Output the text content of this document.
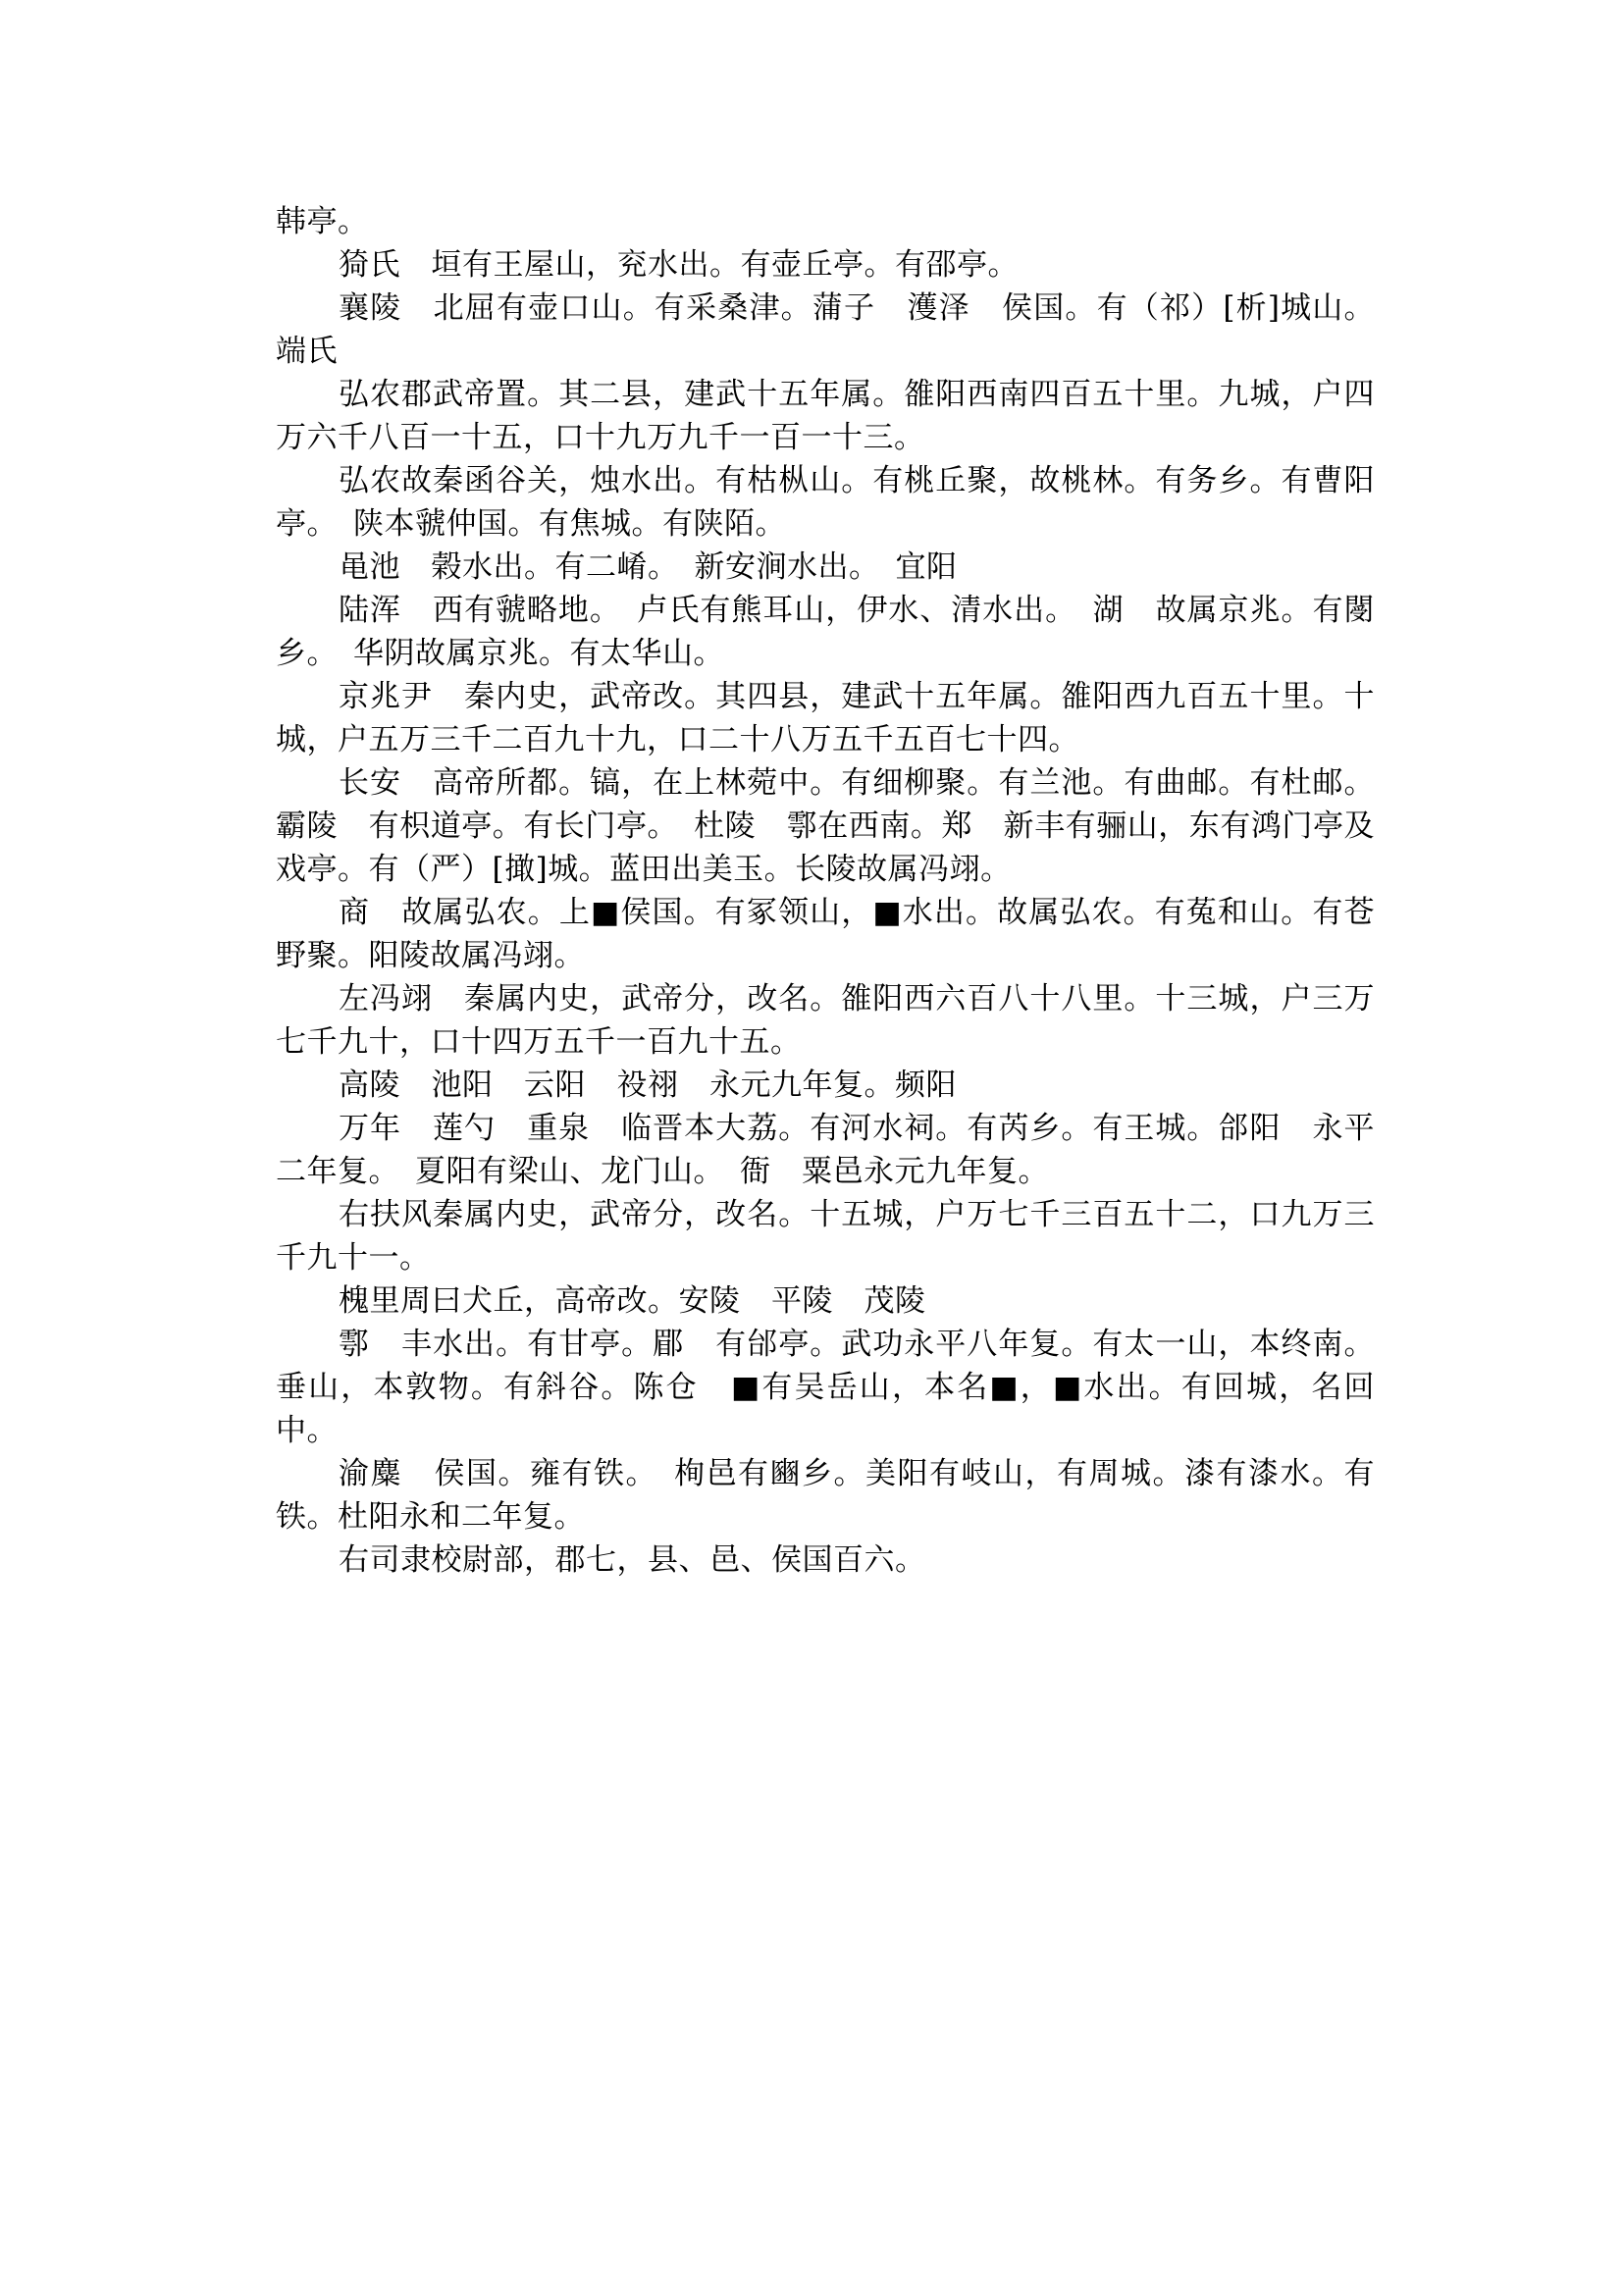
韩亭。

猗氏　垣有王屋山，兖水出。有壶丘亭。有邵亭。

襄陵　北屈有壶口山。有采桑津。蒲子　濩泽　侯国。有（祁）[析]城山。端氏

弘农郡武帝置。其二县，建武十五年属。雒阳西南四百五十里。九城，户四万六千八百一十五，口十九万九千一百一十三。

弘农故秦函谷关，烛水出。有枯枞山。有桃丘聚，故桃林。有务乡。有曹阳亭。　陕本虢仲国。有焦城。有陕陌。

黾池　榖水出。有二崤。　新安涧水出。　宜阳

陆浑　西有虢略地。　卢氏有熊耳山，伊水、清水出。　湖　故属京兆。有閿乡。　华阴故属京兆。有太华山。

京兆尹　秦内史，武帝改。其四县，建武十五年属。雒阳西九百五十里。十城，户五万三千二百九十九，口二十八万五千五百七十四。

长安　高帝所都。镐，在上林菀中。有细柳聚。有兰池。有曲邮。有杜邮。霸陵　有枳道亭。有长门亭。　杜陵　鄠在西南。郑　新丰有骊山，东有鸿门亭及戏亭。有（严）[撖]城。蓝田出美玉。长陵故属冯翊。

商　故属弘农。上■侯国。有冢领山，■水出。故属弘农。有菟和山。有苍野聚。阳陵故属冯翊。

左冯翊　秦属内史，武帝分，改名。雒阳西六百八十八里。十三城，户三万七千九十，口十四万五千一百九十五。

高陵　池阳　云阳　祋祤　永元九年复。频阳

万年　莲勺　重泉　临晋本大荔。有河水祠。有芮乡。有王城。郃阳　永平二年复。　夏阳有梁山、龙门山。　衙　粟邑永元九年复。

右扶风秦属内史，武帝分，改名。十五城，户万七千三百五十二，口九万三千九十一。

槐里周曰犬丘，高帝改。安陵　平陵　茂陵

鄠　丰水出。有甘亭。郿　有邰亭。武功永平八年复。有太一山，本终南。垂山，本敦物。有斜谷。陈仓　■有吴岳山，本名■，■水出。有回城，名回中。

渝麋　侯国。雍有铁。　栒邑有豳乡。美阳有岐山，有周城。漆有漆水。有铁。杜阳永和二年复。

右司隶校尉部，郡七，县、邑、侯国百六。
